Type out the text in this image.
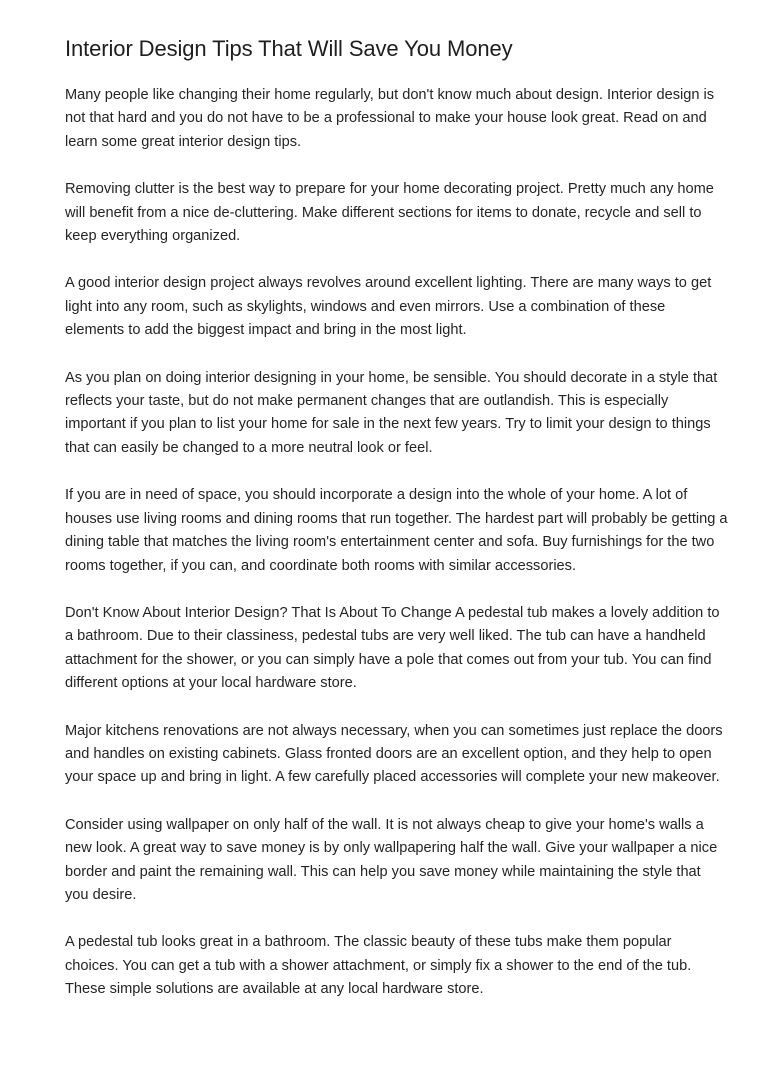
Interior Design Tips That Will Save You Money

Many people like changing their home regularly, but don't know much about design. Interior design is not that hard and you do not have to be a professional to make your house look great. Read on and learn some great interior design tips.

Removing clutter is the best way to prepare for your home decorating project. Pretty much any home will benefit from a nice de-cluttering. Make different sections for items to donate, recycle and sell to keep everything organized.

A good interior design project always revolves around excellent lighting. There are many ways to get light into any room, such as skylights, windows and even mirrors. Use a combination of these elements to add the biggest impact and bring in the most light.

As you plan on doing interior designing in your home, be sensible. You should decorate in a style that reflects your taste, but do not make permanent changes that are outlandish. This is especially important if you plan to list your home for sale in the next few years. Try to limit your design to things that can easily be changed to a more neutral look or feel.

If you are in need of space, you should incorporate a design into the whole of your home. A lot of houses use living rooms and dining rooms that run together. The hardest part will probably be getting a dining table that matches the living room's entertainment center and sofa. Buy furnishings for the two rooms together, if you can, and coordinate both rooms with similar accessories.

Don't Know About Interior Design? That Is About To Change A pedestal tub makes a lovely addition to a bathroom. Due to their classiness, pedestal tubs are very well liked. The tub can have a handheld attachment for the shower, or you can simply have a pole that comes out from your tub. You can find different options at your local hardware store.

Major kitchens renovations are not always necessary, when you can sometimes just replace the doors and handles on existing cabinets. Glass fronted doors are an excellent option, and they help to open your space up and bring in light. A few carefully placed accessories will complete your new makeover.

Consider using wallpaper on only half of the wall. It is not always cheap to give your home's walls a new look. A great way to save money is by only wallpapering half the wall. Give your wallpaper a nice border and paint the remaining wall. This can help you save money while maintaining the style that you desire.

A pedestal tub looks great in a bathroom. The classic beauty of these tubs make them popular choices. You can get a tub with a shower attachment, or simply fix a shower to the end of the tub. These simple solutions are available at any local hardware store.
